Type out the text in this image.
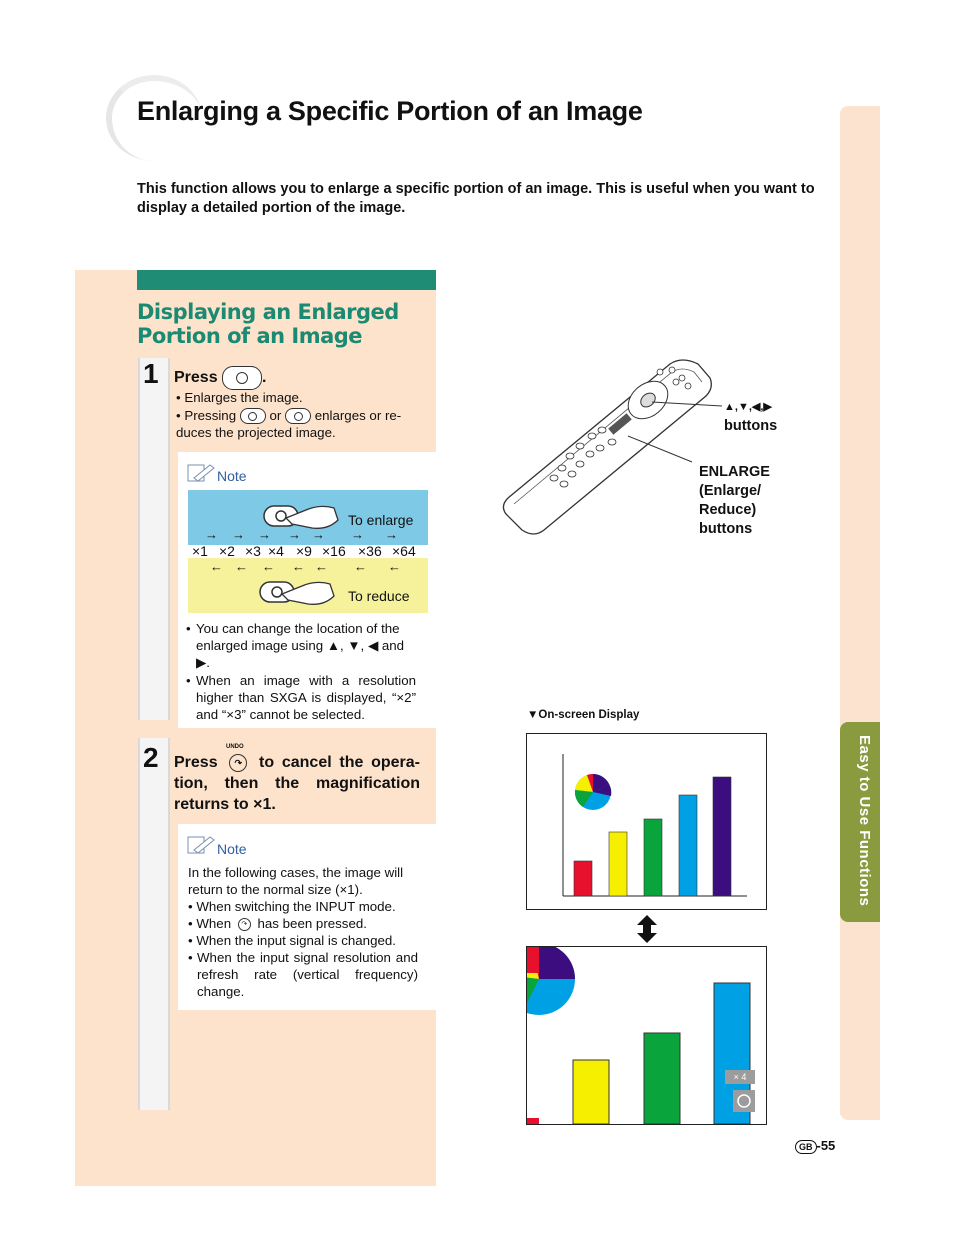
Enlarging a Specific Portion of an Image
This function allows you to enlarge a specific portion of an image. This is useful when you want to display a detailed portion of the image.
Easy to Use Functions
Displaying an Enlarged Portion of an Image
1 Press	.
• Enlarges the image.
• Pressing	or	enlarges or re-duces the projected image.
Note
To enlarge
To reduce
→ → → → → → →
×1 ×2 ×3 ×4 ×9 ×16 ×36 ×64
← ← ← ← ← ← ←
• You can change the location of the enlarged image using ▲, ▼, ◀ and ▶.
• When an image with a resolution higher than SXGA is displayed, “×2” and “×3” cannot be selected.
2	UNDO
Press ↷ to cancel the opera-tion, then the magnification returns to ×1.
Note
In the following cases, the image will return to the normal size (×1).
• When switching the INPUT mode.
• When ↷ has been pressed.
• When the input signal is changed.
• When the input signal resolution and refresh rate (vertical frequency) change.
▲,▼,◀,▶
buttons
ENLARGE
(Enlarge/
Reduce)
buttons
▼On-screen Display
× 4
GB -55
